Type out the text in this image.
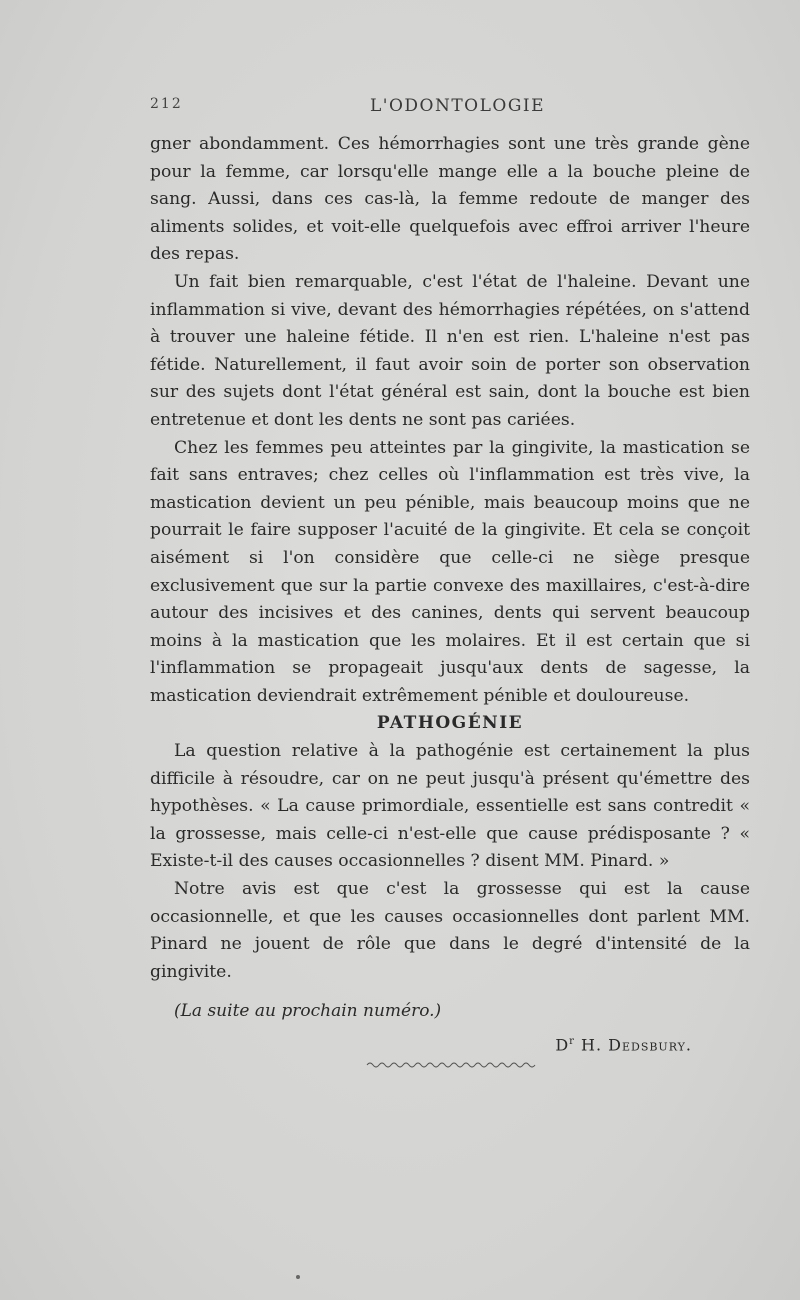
212	L'ODONTOLOGIE

gner abondamment. Ces hémorrhagies sont une très grande gène pour la femme, car lorsqu'elle mange elle a la bouche pleine de sang. Aussi, dans ces cas-là, la femme redoute de manger des aliments solides, et voit-elle quelquefois avec effroi arriver l'heure des repas.

Un fait bien remarquable, c'est l'état de l'haleine. Devant une inflammation si vive, devant des hémorrhagies répétées, on s'attend à trouver une haleine fétide. Il n'en est rien. L'haleine n'est pas fétide. Naturellement, il faut avoir soin de porter son observation sur des sujets dont l'état général est sain, dont la bouche est bien entretenue et dont les dents ne sont pas cariées.

Chez les femmes peu atteintes par la gingivite, la mastication se fait sans entraves; chez celles où l'inflammation est très vive, la mastication devient un peu pénible, mais beaucoup moins que ne pourrait le faire supposer l'acuité de la gingivite. Et cela se conçoit aisément si l'on considère que celle-ci ne siège presque exclusivement que sur la partie convexe des maxillaires, c'est-à-dire autour des incisives et des canines, dents qui servent beaucoup moins à la mastication que les molaires. Et il est certain que si l'inflammation se propageait jusqu'aux dents de sagesse, la mastication deviendrait extrêmement pénible et douloureuse.

PATHOGÉNIE

La question relative à la pathogénie est certainement la plus difficile à résoudre, car on ne peut jusqu'à présent qu'émettre des hypothèses. « La cause primordiale, essentielle est sans contredit « la grossesse, mais celle-ci n'est-elle que cause prédisposante ? « Existe-t-il des causes occasionnelles ? disent MM. Pinard. »

Notre avis est que c'est la grossesse qui est la cause occasionnelle, et que les causes occasionnelles dont parlent MM. Pinard ne jouent de rôle que dans le degré d'intensité de la gingivite.

(La suite au prochain numéro.)
$D^r$ H. Dedsbury.
